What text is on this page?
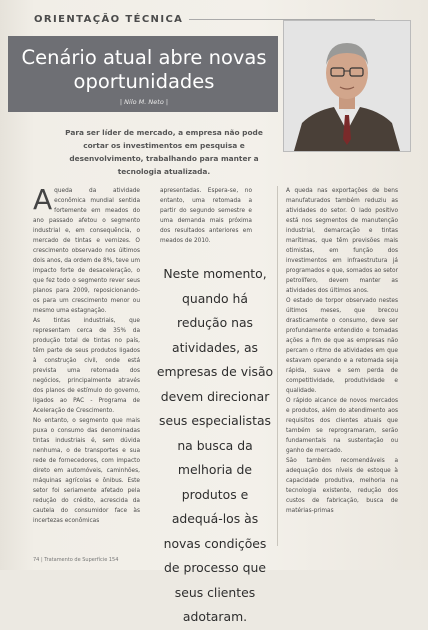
ORIENTAÇÃO TÉCNICA
Cenário atual abre novas
oportunidades
| Nilo M. Neto |
Para ser líder de mercado, a empresa não pode cortar os investimentos em pesquisa e desenvolvimento, trabalhando para manter a tecnologia atualizada.

Aqueda da atividade econômica mundial sentida fortemente em meados do ano passado afetou o segmento industrial e, em consequência, o mercado de tintas e vernizes. O crescimento observado nos últimos dois anos, da ordem de 8%, teve um impacto forte de desaceleração, o que fez todo o segmento rever seus planos para 2009, reposicionando-os para um crescimento menor ou mesmo uma estagnação.

As tintas industriais, que representam cerca de 35% da produção total de tintas no país, têm parte de seus produtos ligados à construção civil, onde está prevista uma retomada dos negócios, principalmente através dos planos de estímulo do governo, ligados ao PAC - Programa de Aceleração de Crescimento.

No entanto, o segmento que mais puxa o consumo das denominadas tintas industriais é, sem dúvida nenhuma, o de transportes e sua rede de fornecedores, com impacto direto em automóveis, caminhões, máquinas agrícolas e ônibus. Este setor foi seriamente afetado pela redução do crédito, acrescida da cautela do consumidor face às incertezas econômicas

apresentadas. Espera-se, no entanto, uma retomada a partir do segundo semestre e uma demanda mais próxima dos resultados anteriores em meados de 2010.

Neste momento, quando há redução nas atividades, as empresas de visão devem direcionar seus especialistas na busca da melhoria de produtos e adequá-los às novas condições de processo que seus clientes adotaram.

A queda nas exportações de bens manufaturados também reduziu as atividades do setor. O lado positivo está nos segmentos de manutenção industrial, demarcação e tintas marítimas, que têm previsões mais otimistas, em função dos investimentos em infraestrutura já programados e que, somados ao setor petrolífero, devem manter as atividades dos últimos anos.

O estado de torpor observado nestes últimos meses, que brecou drasticamente o consumo, deve ser profundamente entendido e tomadas ações a fim de que as empresas não percam o ritmo de atividades em que estavam operando e a retomada seja rápida, suave e sem perda de competitividade, produtividade e qualidade.

O rápido alcance de novos mercados e produtos, além do atendimento aos requisitos dos clientes atuais que também se reprogramaram, serão fundamentais na sustentação ou ganho de mercado.

São também recomendáveis a adequação dos níveis de estoque à capacidade produtiva, melhoria na tecnologia existente, redução dos custos de fabricação, busca de matérias-primas

74 | Tratamento de Superfície 154
